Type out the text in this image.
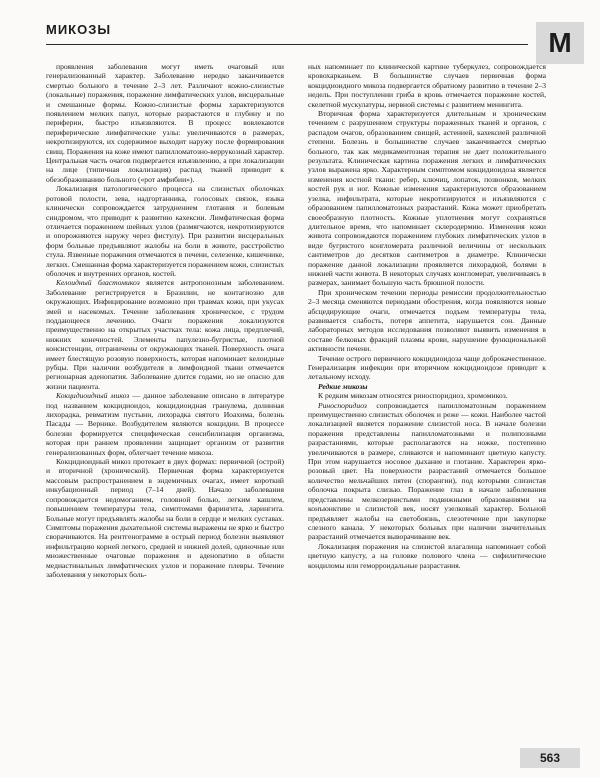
МИКОЗЫ	М

проявления заболевания могут иметь очаговый или генерализованный характер. Заболевание нередко заканчивается смертью больного в течение 2–3 лет. Различают кожно-слизистые (локальные) поражения, поражение лимфатических узлов, висцеральные и смешанные формы. Кожно-слизистые формы характеризуются появлением мелких папул, которые разрастаются в глубину и по периферии, быстро изъязвляются. В процесс вовлекаются периферические лимфатические узлы: увеличиваются в размерах, некротизируются, их содержимое выходит наружу после формирования свищ. Поражения на коже имеют папилломатозно-веррукозный характер. Центральная часть очагов подвергается изъязвлению, а при локализации на лице (типичная локализация) распад тканей приводит к обезображиванию больного («рот амфибии»).

Локализация патологического процесса на слизистых оболочках ротовой полости, зева, надгортанника, голосовых связок, языка клинически сопровождается затруднением глотания и болевым синдромом, что приводит к развитию кахексии. Лимфатическая форма отличается поражением шейных узлов (размягчаются, некротизируются и опорожняются наружу через фистулу). При развитии висцеральных форм больные предъявляют жалобы на боли в животе, расстройство стула. Язвенные поражения отмечаются в печени, селезенке, кишечнике, легких. Смешанная форма характеризуется поражением кожи, слизистых оболочек и внутренних органов, костей.

Келоидный бластомикоз является антропонозным заболеванием. Заболевание регистрируется в Бразилии, не контагиозно для окружающих. Инфицирование возможно при травмах кожи, при укусах змей и насекомых. Течение заболевания хроническое, с трудом поддающееся лечению. Очаги поражения локализуются преимущественно на открытых участках тела: кожа лица, предплечий, нижних конечностей. Элементы папулезно-бугристые, плотной консистенции, отграничены от окружающих тканей. Поверхность очага имеет блестящую розовую поверхность, которая напоминает келоидные рубцы. При наличии возбудителя в лимфоидной ткани отмечается регионарная аденопатия. Заболевание длится годами, но не опасно для жизни пациента.

Кокцидиоидный микоз — данное заболевание описано в литературе под названием кокцидиоидоз, кокцидиоидная гранулема, долинная лихорадка, ревматизм пустыни, лихорадка святого Иоахима, болезнь Пасады — Вернике. Возбудителем являются кокцидии. В процессе болезни формируется специфическая сенсибилизация организма, которая при раннем проявлении защищает организм от развития генерализованных форм, облегчает течение микоза.

Кокцидиоидный микоз протекает в двух формах: первичной (острой) и вторичной (хронической). Первичная форма характеризуется массовым распространением в эндемичных очагах, имеет короткий инкубационный период (7–14 дней). Начало заболевания сопровождается недомоганием, головной болью, легким кашлем, повышением температуры тела, симптомами фарингита, ларингита. Больные могут предъявлять жалобы на боли в сердце и мелких суставах. Симптомы поражения дыхательной системы выражены не ярко и быстро сворачиваются. На рентгенограмме в острый период болезни выявляют инфильтрацию корней легкого, средней и нижней долей, одиночные или множественные очаговые поражения и аденопатию в области медиастинальных лимфатических узлов и поражение плевры. Течение заболевания у некоторых боль-

ных напоминает по клинической картине туберкулез, сопровождается кровохарканьем. В большинстве случаев первичная форма кокцидиоидного микоза подвергается обратному развитию в течение 2–3 недель. При поступлении гриба в кровь отмечается поражение костей, скелетной мускулатуры, нервной системы с развитием менингита.

Вторичная форма характеризуется длительным и хроническим течением с разрушением структуры пораженных тканей и органов, с распадом очагов, образованием свищей, астенией, кахексией различной степени. Болезнь в большинстве случаев заканчивается смертью больного, так как медикаментозная терапия не дает положительного результата. Клиническая картина поражения легких и лимфатических узлов выражена ярко. Характерным симптомом кокцидиоидоза является изменения костной ткани: ребер, ключиц, лопаток, позвонков, мелких костей рук и ног. Кожные изменения характеризуются образованием узелка, инфильтрата, которые некротизируются и изъязвляются с образованием папилломатозных разрастаний. Кожа может приобретать своеобразную плотность. Кожные уплотнения могут сохраняться длительное время, что напоминает склеродермию. Изменения кожи живота сопровождаются поражением глубоких лимфатических узлов в виде бугристого конгломерата различной величины от нескольких сантиметров до десятков сантиметров в диаметре. Клинически поражение данной локализации проявляется лихорадкой, болями в нижней части живота. В некоторых случаях конгломерат, увеличиваясь в размерах, занимает большую часть брюшной полости.

При хроническом течении периоды ремиссии продолжительностью 2–3 месяца сменяются периодами обострения, когда появляются новые абсцедирующие очаги, отмечается подъем температуры тела, развивается слабость, потеря аппетита, нарушается сон. Данные лабораторных методов исследования позволяют выявить изменения в составе белковых фракций плазмы крови, нарушение функциональной активности печени.

Течение острого первичного кокцидиоидоза чаще доброкачественное. Генерализация инфекции при вторичном кокцидиоидозе приводит к летальному исходу.

Редкие микозы

К редким микозам относятся риноспоридиоз, хромомикоз.

Риноспоридиоз сопровождается папилломатозным поражением преимущественно слизистых оболочек и реже — кожи. Наиболее частой локализацией является поражение слизистой носа. В начале болезни поражения представлены папилломатозными и полипозными разрастаниями, которые располагаются на ножке, постепенно увеличиваются в размере, сливаются и напоминают цветную капусту. При этом нарушается носовое дыхание и глотание. Характерен ярко-розовый цвет. На поверхности разрастаний отмечается большое количество мельчайших пятен (спорангии), под которыми слизистая оболочка покрыта слизью. Поражение глаз в начале заболевания представлены мелкозернистыми подвижными образованиями на конъюнктиве и слизистой век, носят узелковый характер. Больной предъявляет жалобы на светобоязнь, слезотечение при закупорке слезного канала. У некоторых больных при наличии значительных разрастаний отмечается выворачивание век.

Локализация поражения на слизистой влагалища напоминает собой цветную капусту, а на головке полового члена — сифилитические кондиломы или геморроидальные разрастания.

563
